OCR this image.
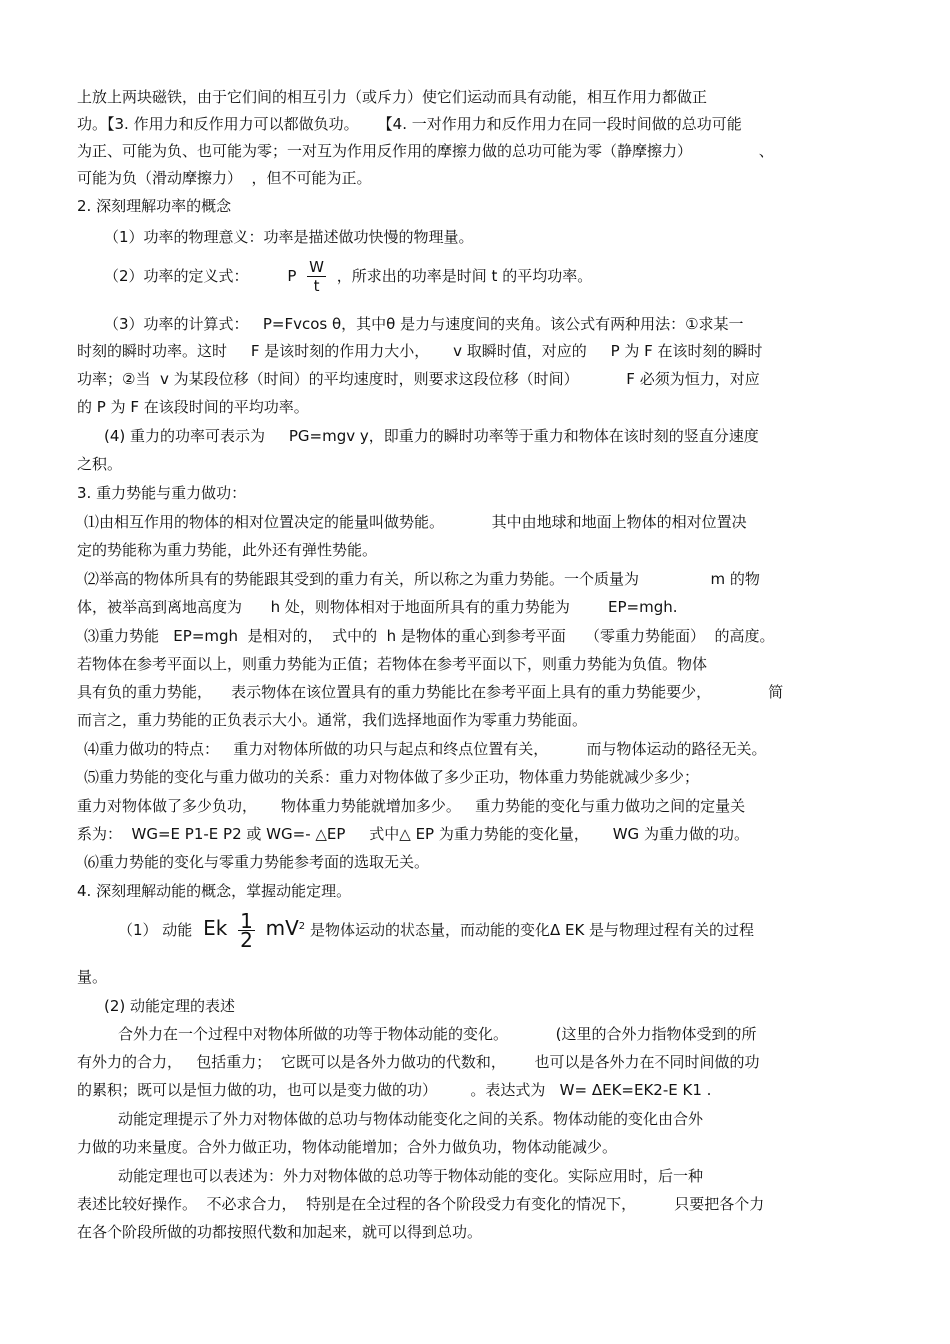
上放上两块磁铁，由于它们间的相互引力（或斥力）使它们运动而具有动能，相互作用力都做正
功。【3. 作用力和反作用力可以都做负功。    【4. 一对作用力和反作用力在同一段时间做的总功可能
为正、可能为负、也可能为零；一对互为作用反作用的摩擦力做的总功可能为零（静摩擦力）              、
可能为负（滑动摩擦力）  ，但不可能为正。
2. 深刻理解功率的概念
（1）功率的物理意义：功率是描述做功快慢的物理量。
（2）功率的定义式：	P $\frac{W}{t}$ ，所求出的功率是时间 t 的平均功率。
（3）功率的计算式：   P=Fvcos θ，其中θ 是力与速度间的夹角。该公式有两种用法：①求某一
时刻的瞬时功率。这时     F 是该时刻的作用力大小，     v 取瞬时值，对应的     P 为 F 在该时刻的瞬时
功率；②当  v 为某段位移（时间）的平均速度时，则要求这段位移（时间）          F 必须为恒力，对应
的 P 为 F 在该段时间的平均功率。
(4) 重力的功率可表示为     PG=mgv y，即重力的瞬时功率等于重力和物体在该时刻的竖直分速度
之积。
3. 重力势能与重力做功：
⑴由相互作用的物体的相对位置决定的能量叫做势能。          其中由地球和地面上物体的相对位置决
定的势能称为重力势能，此外还有弹性势能。
⑵举高的物体所具有的势能跟其受到的重力有关，所以称之为重力势能。一个质量为               m 的物
体，被举高到离地高度为      h 处，则物体相对于地面所具有的重力势能为        EP=mgh.
⑶重力势能   EP=mgh  是相对的，  式中的  h 是物体的重心到参考平面    （零重力势能面）  的高度。
若物体在参考平面以上，则重力势能为正值；若物体在参考平面以下，则重力势能为负值。物体
具有负的重力势能，    表示物体在该位置具有的重力势能比在参考平面上具有的重力势能要少，            简
而言之，重力势能的正负表示大小。通常，我们选择地面作为零重力势能面。
⑷重力做功的特点：   重力对物体所做的功只与起点和终点位置有关，        而与物体运动的路径无关。
⑸重力势能的变化与重力做功的关系：重力对物体做了多少正功，物体重力势能就减少多少；
重力对物体做了多少负功，     物体重力势能就增加多少。   重力势能的变化与重力做功之间的定量关
系为：  WG=E P1-E P2 或 WG=- △EP     式中△ EP 为重力势能的变化量，     WG 为重力做的功。
⑹重力势能的变化与零重力势能参考面的选取无关。
4. 深刻理解动能的概念，掌握动能定理。
（1） 动能 Ek $\frac{1}{2} mV^2$ 是物体运动的状态量，而动能的变化Δ EK 是与物理过程有关的过程
量。
(2) 动能定理的表述
合外力在一个过程中对物体所做的功等于物体动能的变化。          (这里的合外力指物体受到的所
有外力的合力，   包括重力；  它既可以是各外力做功的代数和，      也可以是各外力在不同时间做的功
的累积；既可以是恒力做的功，也可以是变力做的功）       。表达式为   W= ΔEK=EK2-E K1 .
动能定理提示了外力对物体做的总功与物体动能变化之间的关系。物体动能的变化由合外
力做的功来量度。合外力做正功，物体动能增加；合外力做负功，物体动能减少。
动能定理也可以表述为：外力对物体做的总功等于物体动能的变化。实际应用时，后一种
表述比较好操作。  不必求合力，  特别是在全过程的各个阶段受力有变化的情况下，        只要把各个力
在各个阶段所做的功都按照代数和加起来，就可以得到总功。
